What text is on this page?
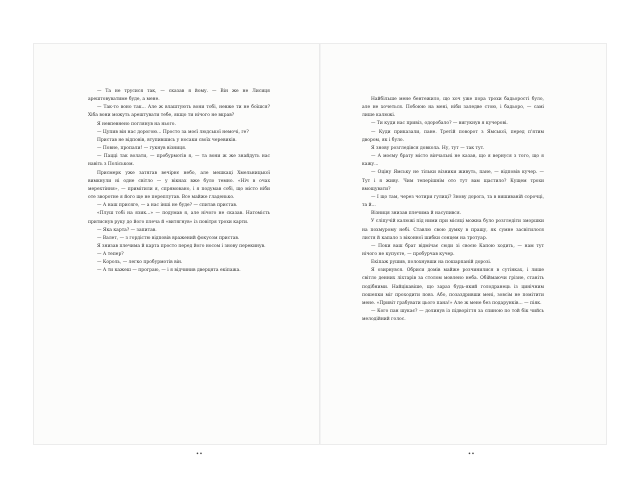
— Та не трусися так, — сказав я йому. — Він же не Лисиця арештовуватиме буде, а мене.

— Так-то воно так... Але ж влаштують вони тобі, невже ти не боїшся? Хіба вони можуть арештувати тебе, якщо ти нічого не вкрав?

Я невпевнено поглянув на нього.

— Цупив він нас дорогою... Просто за моєї людської немочі, ге?

Пристав не відповів, втупившись у носаки своїх черевиків.

— Повне, пропали! — гукнув візниця.

— Пацці так волати, — пробурмотів я, — та вони ж же знайдуть нас навіть з Поліськом.

Присмерк уже затягав вечірнє небо, але мешкаці Хмельницької вимкнули ні одне світло — у вікнах вже було темно. «Ніч в очах мерехтіння», — примітили я, спрямовано, і я подумав собі, що місто ніби оте зворотне я його ще не переплутав. Все майже гладенько.

— А наш присяге, — а нас інші не буде? — спитав пристав.

«Плуш тобі на язик...» — подумав я, але нічого не сказав. Натомість притиснув руку до його плеча й «витягнув» із повітря трохи карти.

— Яка карта? — запитав.

— Валет, — з гордістю відповів вражений фокусом пристав.

Я знизав плечима й карта просто перед його носом і знову перекинув.

— А тепер?

— Король, — легко пробурмотів він.

— А ти кажеш — програю, — і я відчинив дверцята екіпажа.

Найбільше мене бентежило, що хоч уже пора трохи бадьорості було, але не хочеться. Побоюю на мені, ніби заледве стою, і бадьоро, — самі лише калюжі.

— Ти куди нас привіз, одоробало? — вигукнув я кучерові.

— Куди приказали, пане. Третій поворот з Ямської, перед п'ятим двором, як і було.

Я знову розгледівся довкола. Ну, тут — так тут.

— А моєму брату місто вінчальні не казав, що я вернуся з того, що я кажу...

— Оціну Ямську не тільки візники живуть, пане, — відповів кучер. — Тут і я живу. Чим теперішнім ото тут вам щастило? Кущем трохи вмощувати?

— І що там, через чотири гулиці? Знову дорога, та в вишиваній сорочці, та й...

Візниця знизав плечима й насупився.

У сліпучій калюжі під ними при місяці можна було розгледіти зморшки на похмурому небі. Ставлю свою думку в пращу, як сумне засвітилося листя й капало з віконної шибки сонцем на тротуар.

— Поки ваш брат відмічає сюди зі своєю Капою ходить, — нам тут нічого не купуєте, — пробурчав кучер.

Екіпаж рушив, полохнувши на пошарпаній дорозі.

Я озирнувся. Обриси домів майже розчинилися в сутінках, і лише світло денних ліхтарів за столом мовлено неба. Обіймаючи грізне, станіть подібними. Найцікавіше, що зараз будь-який голодранець із цинічним пошепки міг проходити повз. Або, позаздривши мені, зовсім не помітити мене. «Привіт грабувати цього пана!» Але ж мене без подарунків... — піяк.

— Кого пан шукає? — долинув із підворіття за спиною по той бік чийсь мелодійний голос.

••	••
